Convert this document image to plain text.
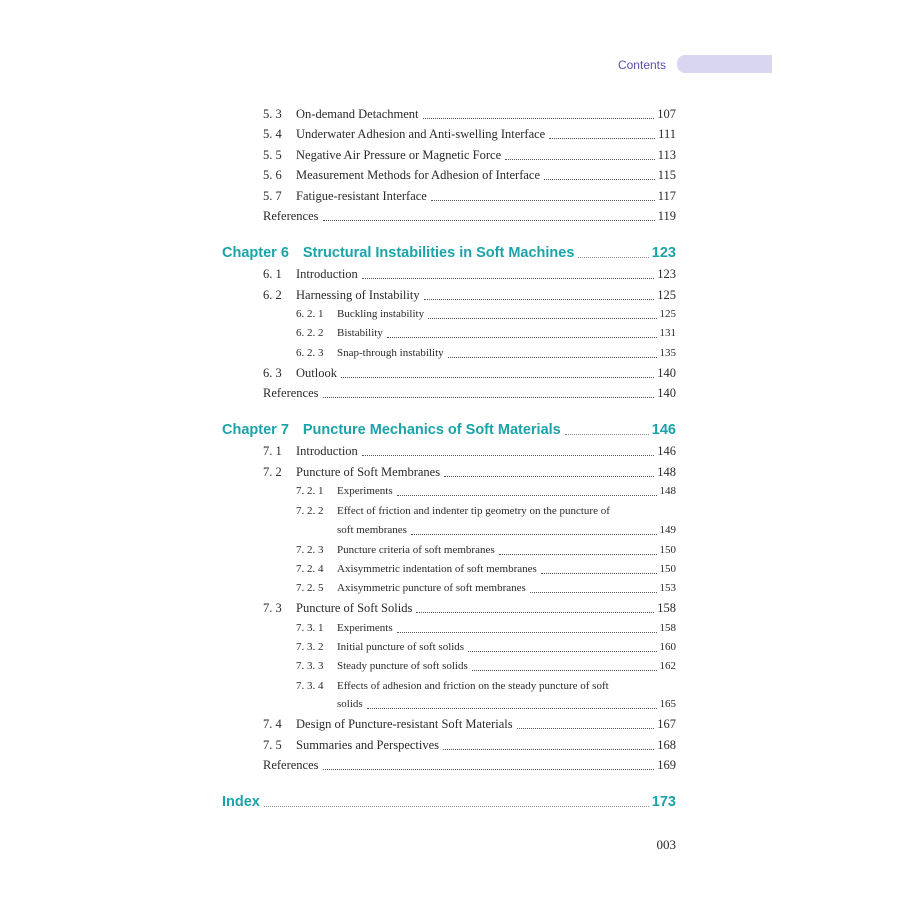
Contents
5. 3	On-demand Detachment	107
5. 4	Underwater Adhesion and Anti-swelling Interface	111
5. 5	Negative Air Pressure or Magnetic Force	113
5. 6	Measurement Methods for Adhesion of Interface	115
5. 7	Fatigue-resistant Interface	117
References	119
Chapter 6 Structural Instabilities in Soft Machines	123
6. 1	Introduction	123
6. 2	Harnessing of Instability	125
6. 2. 1	Buckling instability	125
6. 2. 2	Bistability	131
6. 2. 3	Snap-through instability	135
6. 3	Outlook	140
References	140
Chapter 7 Puncture Mechanics of Soft Materials	146
7. 1	Introduction	146
7. 2	Puncture of Soft Membranes	148
7. 2. 1	Experiments	148
7. 2. 2	Effect of friction and indenter tip geometry on the puncture of
soft membranes	149
7. 2. 3	Puncture criteria of soft membranes	150
7. 2. 4	Axisymmetric indentation of soft membranes	150
7. 2. 5	Axisymmetric puncture of soft membranes	153
7. 3	Puncture of Soft Solids	158
7. 3. 1	Experiments	158
7. 3. 2	Initial puncture of soft solids	160
7. 3. 3	Steady puncture of soft solids	162
7. 3. 4	Effects of adhesion and friction on the steady puncture of soft
solids	165
7. 4	Design of Puncture-resistant Soft Materials	167
7. 5	Summaries and Perspectives	168
References	169
Index	173
003
